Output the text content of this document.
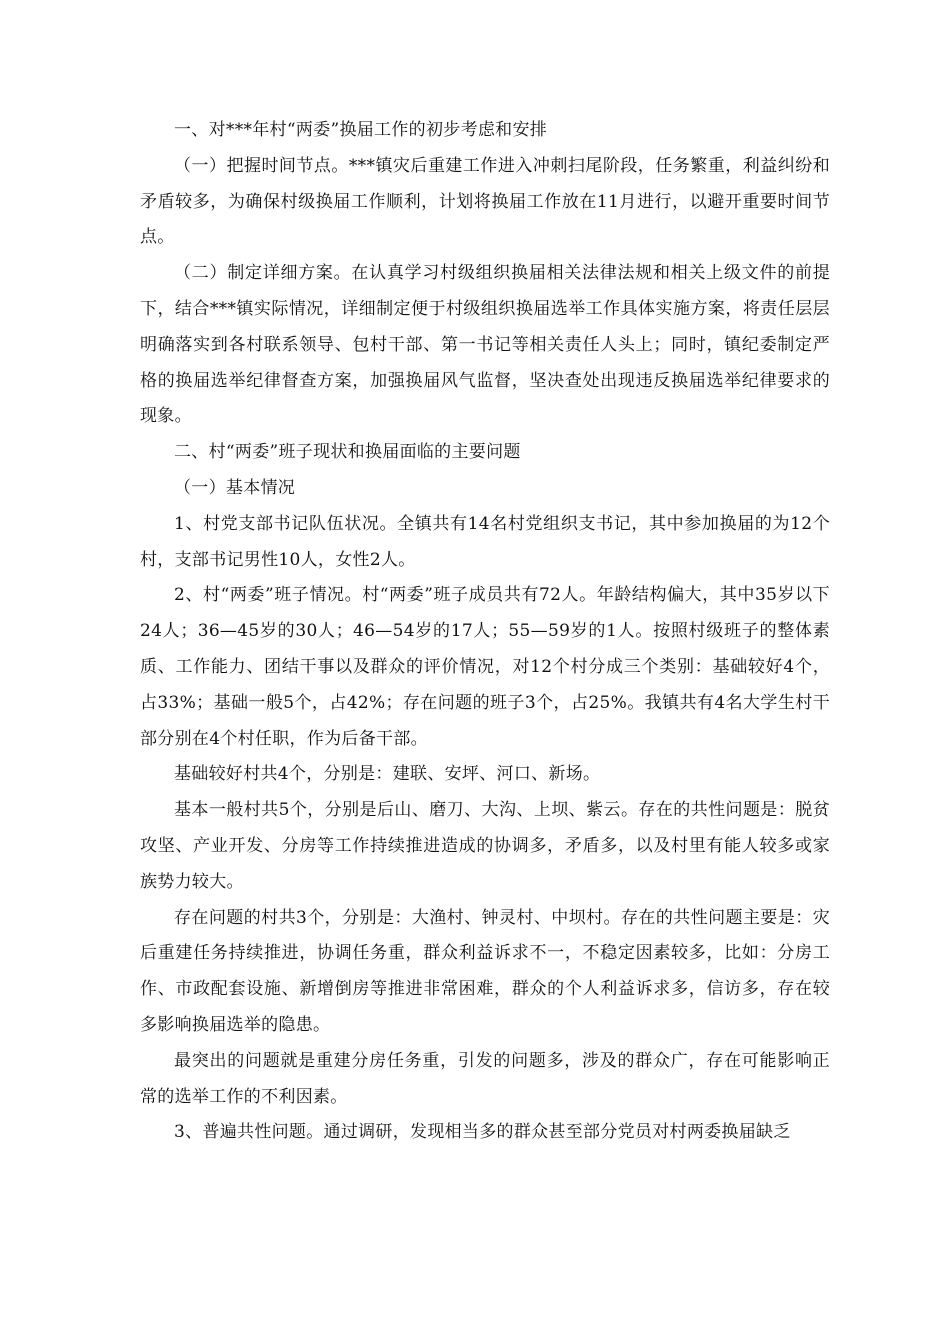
一、对***年村“两委”换届工作的初步考虑和安排

（一）把握时间节点。***镇灾后重建工作进入冲刺扫尾阶段，任务繁重，利益纠纷和矛盾较多，为确保村级换届工作顺利，计划将换届工作放在11月进行，以避开重要时间节点。

（二）制定详细方案。在认真学习村级组织换届相关法律法规和相关上级文件的前提下，结合***镇实际情况，详细制定便于村级组织换届选举工作具体实施方案，将责任层层明确落实到各村联系领导、包村干部、第一书记等相关责任人头上；同时，镇纪委制定严格的换届选举纪律督查方案，加强换届风气监督，坚决查处出现违反换届选举纪律要求的现象。

二、村“两委”班子现状和换届面临的主要问题

（一）基本情况

1、村党支部书记队伍状况。全镇共有14名村党组织支书记，其中参加换届的为12个村，支部书记男性10人，女性2人。

2、村“两委”班子情况。村“两委”班子成员共有72人。年龄结构偏大，其中35岁以下24人；36—45岁的30人；46—54岁的17人；55—59岁的1人。按照村级班子的整体素质、工作能力、团结干事以及群众的评价情况，对12个村分成三个类别：基础较好4个，占33%；基础一般5个，占42%；存在问题的班子3个，占25%。我镇共有4名大学生村干部分别在4个村任职，作为后备干部。

基础较好村共4个，分别是：建联、安坪、河口、新场。

基本一般村共5个，分别是后山、磨刀、大沟、上坝、紫云。存在的共性问题是：脱贫攻坚、产业开发、分房等工作持续推进造成的协调多，矛盾多，以及村里有能人较多或家族势力较大。

存在问题的村共3个，分别是：大渔村、钟灵村、中坝村。存在的共性问题主要是：灾后重建任务持续推进，协调任务重，群众利益诉求不一，不稳定因素较多，比如：分房工作、市政配套设施、新增倒房等推进非常困难，群众的个人利益诉求多，信访多，存在较多影响换届选举的隐患。

最突出的问题就是重建分房任务重，引发的问题多，涉及的群众广，存在可能影响正常的选举工作的不利因素。

3、普遍共性问题。通过调研，发现相当多的群众甚至部分党员对村两委换届缺乏
